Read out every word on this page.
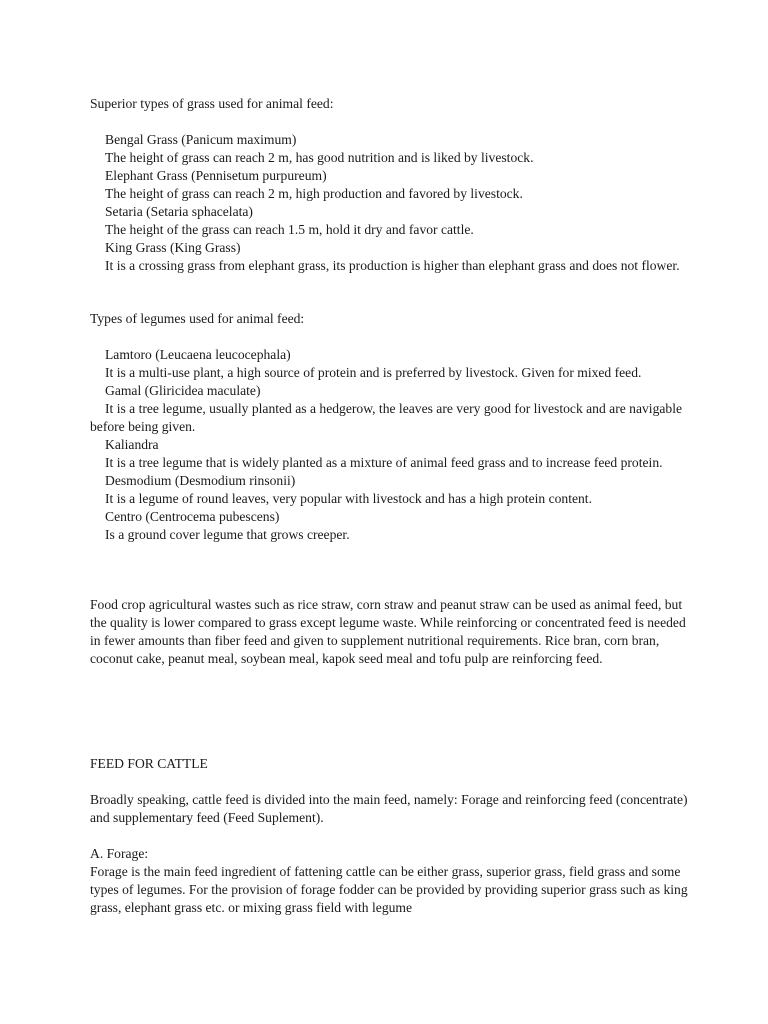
Superior types of grass used for animal feed:

Bengal Grass (Panicum maximum)

The height of grass can reach 2 m, has good nutrition and is liked by livestock.

Elephant Grass (Pennisetum purpureum)

The height of grass can reach 2 m, high production and favored by livestock.

Setaria (Setaria sphacelata)

The height of the grass can reach 1.5 m, hold it dry and favor cattle.

King Grass (King Grass)

It is a crossing grass from elephant grass, its production is higher than elephant grass and does not flower.

Types of legumes used for animal feed:

Lamtoro (Leucaena leucocephala)

It is a multi-use plant, a high source of protein and is preferred by livestock. Given for mixed feed.

Gamal (Gliricidea maculate)

It is a tree legume, usually planted as a hedgerow, the leaves are very good for livestock and are navigable before being given.

Kaliandra

It is a tree legume that is widely planted as a mixture of animal feed grass and to increase feed protein.

Desmodium (Desmodium rinsonii)

It is a legume of round leaves, very popular with livestock and has a high protein content.

Centro (Centrocema pubescens)

Is a ground cover legume that grows creeper.

Food crop agricultural wastes such as rice straw, corn straw and peanut straw can be used as animal feed, but the quality is lower compared to grass except legume waste. While reinforcing or concentrated feed is needed in fewer amounts than fiber feed and given to supplement nutritional requirements. Rice bran, corn bran, coconut cake, peanut meal, soybean meal, kapok seed meal and tofu pulp are reinforcing feed.

FEED FOR CATTLE

Broadly speaking, cattle feed is divided into the main feed, namely: Forage and reinforcing feed (concentrate) and supplementary feed (Feed Suplement).

A. Forage:

Forage is the main feed ingredient of fattening cattle can be either grass, superior grass, field grass and some types of legumes. For the provision of forage fodder can be provided by providing superior grass such as king grass, elephant grass etc. or mixing grass field with legume
